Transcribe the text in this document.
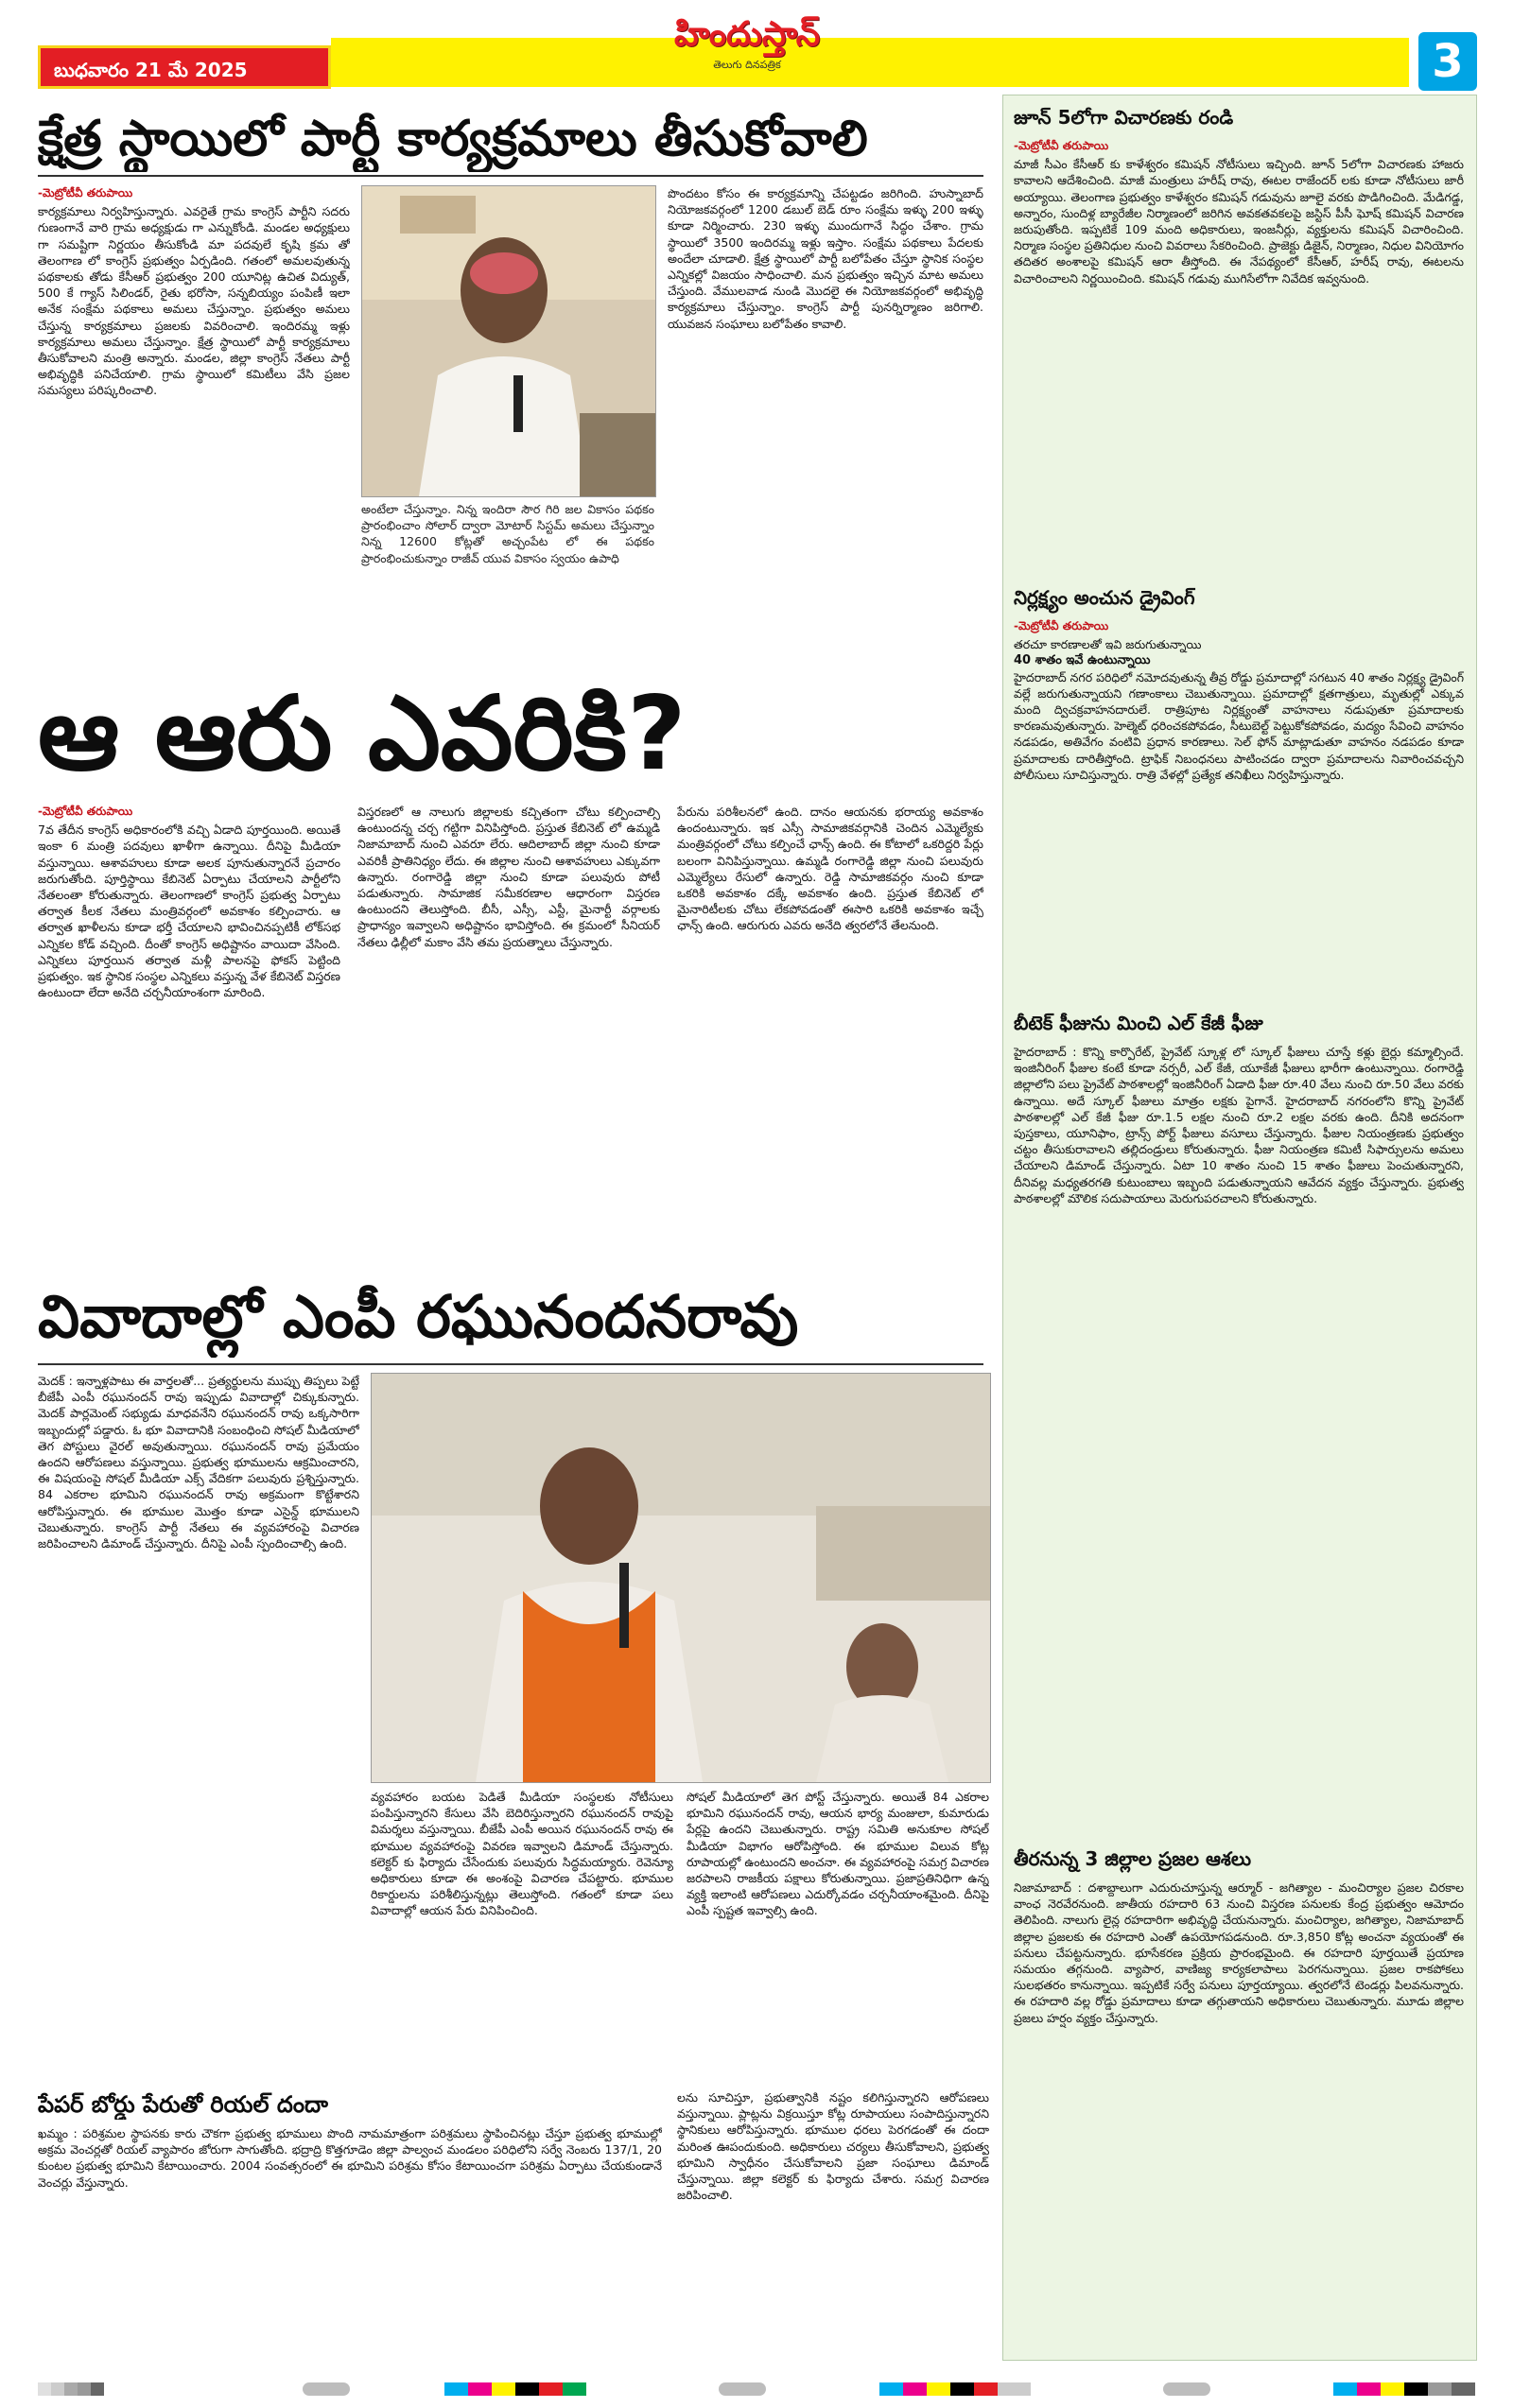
బుధవారం 21 మే 2025
హిందుస్తాన్
తెలుగు దినపత్రిక	3
క్షేత్ర స్థాయిలో పార్టీ కార్యక్రమాలు తీసుకోవాలి
-మెట్రోటీవీ తరుపాయి
కార్యక్రమాలు నిర్వహిస్తున్నారు. ఎవరైతే గ్రామ కాంగ్రెస్ పార్టీని సదరు గుణంగానే వారి గ్రామ అధ్యక్షుడు గా ఎన్నుకోండి. మండల అధ్యక్షులు గా సమష్టిగా నిర్ణయం తీసుకోండి మా పదవులే కృషి క్రమ తో తెలంగాణ లో కాంగ్రెస్ ప్రభుత్వం ఏర్పడింది. గతంలో అమలవుతున్న పథకాలకు తోడు కేసీఆర్ ప్రభుత్వం 200 యూనిట్ల ఉచిత విద్యుత్, 500 కే గ్యాస్ సిలిండర్, రైతు భరోసా, సన్నబియ్యం పంపిణీ ఇలా అనేక సంక్షేమ పథకాలు అమలు చేస్తున్నాం. ప్రభుత్వం అమలు చేస్తున్న కార్యక్రమాలు ప్రజలకు వివరించాలి. ఇందిరమ్మ ఇళ్లు కార్యక్రమాలు అమలు చేస్తున్నాం. క్షేత్ర స్థాయిలో పార్టీ కార్యక్రమాలు తీసుకోవాలని మంత్రి అన్నారు. మండల, జిల్లా కాంగ్రెస్ నేతలు పార్టీ అభివృద్ధికి పనిచేయాలి. గ్రామ స్థాయిలో కమిటీలు వేసి ప్రజల సమస్యలు పరిష్కరించాలి.
అంటేలా చేస్తున్నాం. నిన్న ఇందిరా సౌర గిరి జల వికాసం పథకం ప్రారంభించాం సోలార్ ద్వారా మోటార్ సిస్టమ్ అమలు చేస్తున్నాం నిన్న 12600 కోట్లతో అచ్చంపేట లో ఈ పథకం ప్రారంభించుకున్నాం రాజీవ్ యువ వికాసం స్వయం ఉపాధి
పొందటం కోసం ఈ కార్యక్రమాన్ని చేపట్టడం జరిగింది. హుస్నాబాద్ నియోజకవర్గంలో 1200 డబుల్ బెడ్ రూం సంక్షేమ ఇళ్ళు 200 ఇళ్ళు కూడా నిర్మించారు. 230 ఇళ్ళు ముందుగానే సిద్ధం చేశాం. గ్రామ స్థాయిలో 3500 ఇందిరమ్మ ఇళ్లు ఇస్తాం. సంక్షేమ పథకాలు పేదలకు అందేలా చూడాలి. క్షేత్ర స్థాయిలో పార్టీ బలోపేతం చేస్తూ స్థానిక సంస్థల ఎన్నికల్లో విజయం సాధించాలి. మన ప్రభుత్వం ఇచ్చిన మాట అమలు చేస్తుంది. వేములవాడ నుండి మొదలై ఈ నియోజకవర్గంలో అభివృద్ధి కార్యక్రమాలు చేస్తున్నాం. కాంగ్రెస్ పార్టీ పునర్నిర్మాణం జరిగాలి. యువజన సంఘాలు బలోపేతం కావాలి.
ఆ ఆరు ఎవరికి?
-మెట్రోటీవీ తరుపాయి
7వ తేదీన కాంగ్రెస్ అధికారంలోకి వచ్చి ఏడాది పూర్తయింది. అయితే ఇంకా 6 మంత్రి పదవులు ఖాళీగా ఉన్నాయి. దీనిపై మీడియా వస్తున్నాయి. ఆశావహులు కూడా అలక పూనుతున్నారనే ప్రచారం జరుగుతోంది. పూర్తిస్థాయి కేబినెట్ ఏర్పాటు చేయాలని పార్టీలోని నేతలంతా కోరుతున్నారు. తెలంగాణలో కాంగ్రెస్ ప్రభుత్వ ఏర్పాటు తర్వాత కీలక నేతలు మంత్రివర్గంలో అవకాశం కల్పించారు. ఆ తర్వాత ఖాళీలను కూడా భర్తీ చేయాలని భావించినప్పటికీ లోక్‌సభ ఎన్నికల కోడ్ వచ్చింది. దీంతో కాంగ్రెస్ అధిష్టానం వాయిదా వేసింది. ఎన్నికలు పూర్తయిన తర్వాత మళ్లీ పాలనపై ఫోకస్ పెట్టింది ప్రభుత్వం. ఇక స్థానిక సంస్థల ఎన్నికలు వస్తున్న వేళ కేబినెట్ విస్తరణ ఉంటుందా లేదా అనేది చర్చనీయాంశంగా మారింది.
విస్తరణలో ఆ నాలుగు జిల్లాలకు కచ్చితంగా చోటు కల్పించాల్సి ఉంటుందన్న చర్చ గట్టిగా వినిపిస్తోంది. ప్రస్తుత కేబినెట్ లో ఉమ్మడి నిజామాబాద్ నుంచి ఎవరూ లేరు. ఆదిలాబాద్ జిల్లా నుంచి కూడా ఎవరికీ ప్రాతినిధ్యం లేదు. ఈ జిల్లాల నుంచి ఆశావహులు ఎక్కువగా ఉన్నారు. రంగారెడ్డి జిల్లా నుంచి కూడా పలువురు పోటీ పడుతున్నారు. సామాజిక సమీకరణాల ఆధారంగా విస్తరణ ఉంటుందని తెలుస్తోంది. బీసీ, ఎస్సీ, ఎస్టీ, మైనార్టీ వర్గాలకు ప్రాధాన్యం ఇవ్వాలని అధిష్టానం భావిస్తోంది. ఈ క్రమంలో సీనియర్ నేతలు ఢిల్లీలో మకాం వేసి తమ ప్రయత్నాలు చేస్తున్నారు.
పేరును పరిశీలనలో ఉంది. దానం ఆయనకు భరాయ్య అవకాశం ఉందంటున్నారు. ఇక ఎస్సీ సామాజికవర్గానికి చెందిన ఎమ్మెల్యేకు మంత్రివర్గంలో చోటు కల్పించే ఛాన్స్ ఉంది. ఈ కోటాలో ఒకరిద్దరి పేర్లు బలంగా వినిపిస్తున్నాయి. ఉమ్మడి రంగారెడ్డి జిల్లా నుంచి పలువురు ఎమ్మెల్యేలు రేసులో ఉన్నారు. రెడ్డి సామాజికవర్గం నుంచి కూడా ఒకరికి అవకాశం దక్కే అవకాశం ఉంది. ప్రస్తుత కేబినెట్ లో మైనారిటీలకు చోటు లేకపోవడంతో ఈసారి ఒకరికి అవకాశం ఇచ్చే ఛాన్స్ ఉంది. ఆరుగురు ఎవరు అనేది త్వరలోనే తేలనుంది.
వివాదాల్లో ఎంపీ రఘునందనరావు
మెదక్ : ఇన్నాళ్లపాటు ఈ వార్తలతో... ప్రత్యర్థులను ముప్పు తిప్పలు పెట్టే బీజేపీ ఎంపీ రఘునందన్ రావు ఇప్పుడు వివాదాల్లో చిక్కుకున్నారు. మెదక్ పార్లమెంట్ సభ్యుడు మాధవనేని రఘునందన్ రావు ఒక్కసారిగా ఇబ్బందుల్లో పడ్డారు. ఓ భూ వివాదానికి సంబంధించి సోషల్ మీడియాలో తెగ పోస్టులు వైరల్ అవుతున్నాయి. రఘునందన్ రావు ప్రమేయం ఉందని ఆరోపణలు వస్తున్నాయి. ప్రభుత్వ భూములను ఆక్రమించారని, ఈ విషయంపై సోషల్ మీడియా ఎక్స్ వేదికగా పలువురు ప్రశ్నిస్తున్నారు. 84 ఎకరాల భూమిని రఘునందన్ రావు అక్రమంగా కొట్టేశారని ఆరోపిస్తున్నారు. ఈ భూముల మొత్తం కూడా ఎసైన్డ్ భూములని చెబుతున్నారు. కాంగ్రెస్ పార్టీ నేతలు ఈ వ్యవహారంపై విచారణ జరిపించాలని డిమాండ్ చేస్తున్నారు. దీనిపై ఎంపీ స్పందించాల్సి ఉంది.
వ్యవహారం బయట పెడితే మీడియా సంస్థలకు నోటీసులు పంపిస్తున్నారని కేసులు వేసి బెదిరిస్తున్నారని రఘునందన్ రావుపై విమర్శలు వస్తున్నాయి. బీజేపీ ఎంపీ అయిన రఘునందన్ రావు ఈ భూముల వ్యవహారంపై వివరణ ఇవ్వాలని డిమాండ్ చేస్తున్నారు. కలెక్టర్ కు ఫిర్యాదు చేసేందుకు పలువురు సిద్ధమయ్యారు. రెవెన్యూ అధికారులు కూడా ఈ అంశంపై విచారణ చేపట్టారు. భూముల రికార్డులను పరిశీలిస్తున్నట్లు తెలుస్తోంది. గతంలో కూడా పలు వివాదాల్లో ఆయన పేరు వినిపించింది.
సోషల్ మీడియాలో తెగ పోస్ట్ చేస్తున్నారు. అయితే 84 ఎకరాల భూమిని రఘునందన్ రావు, ఆయన భార్య మంజులా, కుమారుడు పేర్లపై ఉందని చెబుతున్నారు. రాష్ట్ర సమితి అనుకూల సోషల్ మీడియా విభాగం ఆరోపిస్తోంది. ఈ భూముల విలువ కోట్ల రూపాయల్లో ఉంటుందని అంచనా. ఈ వ్యవహారంపై సమగ్ర విచారణ జరపాలని రాజకీయ పక్షాలు కోరుతున్నాయి. ప్రజాప్రతినిధిగా ఉన్న వ్యక్తి ఇలాంటి ఆరోపణలు ఎదుర్కోవడం చర్చనీయాంశమైంది. దీనిపై ఎంపీ స్పష్టత ఇవ్వాల్సి ఉంది.
పేపర్ బోర్డు పేరుతో రియల్ దందా
ఖమ్మం : పరిశ్రమల స్థాపనకు కారు చౌకగా ప్రభుత్వ భూములు పొంది నామమాత్రంగా పరిశ్రమలు స్థాపించినట్లు చేస్తూ ప్రభుత్వ భూముల్లో అక్రమ వెంచర్లతో రియల్ వ్యాపారం జోరుగా సాగుతోంది. భద్రాద్రి కొత్తగూడెం జిల్లా పాల్వంచ మండలం పరిధిలోని సర్వే నెంబరు 137/1, 20 కుంటల ప్రభుత్వ భూమిని కేటాయించారు. 2004 సంవత్సరంలో ఈ భూమిని పరిశ్రమ కోసం కేటాయించగా పరిశ్రమ ఏర్పాటు చేయకుండానే వెంచర్లు వేస్తున్నారు.
లను సూచిస్తూ, ప్రభుత్వానికి నష్టం కలిగిస్తున్నారని ఆరోపణలు వస్తున్నాయి. ప్లాట్లను విక్రయిస్తూ కోట్ల రూపాయలు సంపాదిస్తున్నారని స్థానికులు ఆరోపిస్తున్నారు. భూముల ధరలు పెరగడంతో ఈ దందా మరింత ఊపందుకుంది. అధికారులు చర్యలు తీసుకోవాలని, ప్రభుత్వ భూమిని స్వాధీనం చేసుకోవాలని ప్రజా సంఘాలు డిమాండ్ చేస్తున్నాయి. జిల్లా కలెక్టర్ కు ఫిర్యాదు చేశారు. సమగ్ర విచారణ జరిపించాలి.
జూన్ 5లోగా విచారణకు రండి
-మెట్రోటీవీ తరుపాయి
మాజీ సీఎం కేసీఆర్ కు కాళేశ్వరం కమిషన్ నోటీసులు ఇచ్చింది. జూన్ 5లోగా విచారణకు హాజరు కావాలని ఆదేశించింది. మాజీ మంత్రులు హరీష్ రావు, ఈటల రాజేందర్ లకు కూడా నోటీసులు జారీ అయ్యాయి. తెలంగాణ ప్రభుత్వం కాళేశ్వరం కమిషన్ గడువును జూలై వరకు పొడిగించింది. మేడిగడ్డ, అన్నారం, సుందిళ్ల బ్యారేజీల నిర్మాణంలో జరిగిన అవకతవకలపై జస్టిస్ పీసీ ఘోష్ కమిషన్ విచారణ జరుపుతోంది. ఇప్పటికే 109 మంది అధికారులు, ఇంజనీర్లు, వ్యక్తులను కమిషన్ విచారించింది. నిర్మాణ సంస్థల ప్రతినిధుల నుంచి వివరాలు సేకరించింది. ప్రాజెక్టు డిజైన్, నిర్మాణం, నిధుల వినియోగం తదితర అంశాలపై కమిషన్ ఆరా తీస్తోంది. ఈ నేపథ్యంలో కేసీఆర్, హరీష్ రావు, ఈటలను విచారించాలని నిర్ణయించింది. కమిషన్ గడువు ముగిసేలోగా నివేదిక ఇవ్వనుంది.
నిర్లక్ష్యం అంచున డ్రైవింగ్
-మెట్రోటీవీ తరుపాయి
తరచూ కారణాలతో ఇవి జరుగుతున్నాయి
40 శాతం ఇవే ఉంటున్నాయి
హైదరాబాద్ నగర పరిధిలో నమోదవుతున్న తీవ్ర రోడ్డు ప్రమాదాల్లో సగటున 40 శాతం నిర్లక్ష్య డ్రైవింగ్ వల్లే జరుగుతున్నాయని గణాంకాలు చెబుతున్నాయి. ప్రమాదాల్లో క్షతగాత్రులు, మృతుల్లో ఎక్కువ మంది ద్విచక్రవాహనదారులే. రాత్రిపూట నిర్లక్ష్యంతో వాహనాలు నడుపుతూ ప్రమాదాలకు కారణమవుతున్నారు. హెల్మెట్ ధరించకపోవడం, సీటుబెల్ట్ పెట్టుకోకపోవడం, మద్యం సేవించి వాహనం నడపడం, అతివేగం వంటివి ప్రధాన కారణాలు. సెల్ ఫోన్ మాట్లాడుతూ వాహనం నడపడం కూడా ప్రమాదాలకు దారితీస్తోంది. ట్రాఫిక్ నిబంధనలు పాటించడం ద్వారా ప్రమాదాలను నివారించవచ్చని పోలీసులు సూచిస్తున్నారు. రాత్రి వేళల్లో ప్రత్యేక తనిఖీలు నిర్వహిస్తున్నారు.
బీటెక్ ఫీజును మించి ఎల్ కేజీ ఫీజు
హైదరాబాద్ : కొన్ని కార్పొరేట్, ప్రైవేట్ స్కూళ్ల లో స్కూల్ ఫీజులు చూస్తే కళ్లు బైర్లు కమ్మాల్సిందే. ఇంజినీరింగ్ ఫీజుల కంటే కూడా నర్సరీ, ఎల్ కేజీ, యూకేజీ ఫీజులు భారీగా ఉంటున్నాయి. రంగారెడ్డి జిల్లాలోని పలు ప్రైవేట్ పాఠశాలల్లో ఇంజినీరింగ్ ఏడాది ఫీజు రూ.40 వేలు నుంచి రూ.50 వేలు వరకు ఉన్నాయి. అదే స్కూల్ ఫీజులు మాత్రం లక్షకు పైగానే. హైదరాబాద్ నగరంలోని కొన్ని ప్రైవేట్ పాఠశాలల్లో ఎల్ కేజీ ఫీజు రూ.1.5 లక్షల నుంచి రూ.2 లక్షల వరకు ఉంది. దీనికి అదనంగా పుస్తకాలు, యూనిఫాం, ట్రాన్స్ పోర్ట్ ఫీజులు వసూలు చేస్తున్నారు. ఫీజుల నియంత్రణకు ప్రభుత్వం చట్టం తీసుకురావాలని తల్లిదండ్రులు కోరుతున్నారు. ఫీజు నియంత్రణ కమిటీ సిఫార్సులను అమలు చేయాలని డిమాండ్ చేస్తున్నారు. ఏటా 10 శాతం నుంచి 15 శాతం ఫీజులు పెంచుతున్నారని, దీనివల్ల మధ్యతరగతి కుటుంబాలు ఇబ్బంది పడుతున్నాయని ఆవేదన వ్యక్తం చేస్తున్నారు. ప్రభుత్వ పాఠశాలల్లో మౌలిక సదుపాయాలు మెరుగుపరచాలని కోరుతున్నారు.
తీరనున్న 3 జిల్లాల ప్రజల ఆశలు
నిజామాబాద్ : దశాబ్దాలుగా ఎదురుచూస్తున్న ఆర్మూర్ - జగిత్యాల - మంచిర్యాల ప్రజల చిరకాల వాంఛ నెరవేరనుంది. జాతీయ రహదారి 63 నుంచి విస్తరణ పనులకు కేంద్ర ప్రభుత్వం ఆమోదం తెలిపింది. నాలుగు లైన్ల రహదారిగా అభివృద్ధి చేయనున్నారు. మంచిర్యాల, జగిత్యాల, నిజామాబాద్ జిల్లాల ప్రజలకు ఈ రహదారి ఎంతో ఉపయోగపడనుంది. రూ.3,850 కోట్ల అంచనా వ్యయంతో ఈ పనులు చేపట్టనున్నారు. భూసేకరణ ప్రక్రియ ప్రారంభమైంది. ఈ రహదారి పూర్తయితే ప్రయాణ సమయం తగ్గనుంది. వ్యాపార, వాణిజ్య కార్యకలాపాలు పెరగనున్నాయి. ప్రజల రాకపోకలు సులభతరం కానున్నాయి. ఇప్పటికే సర్వే పనులు పూర్తయ్యాయి. త్వరలోనే టెండర్లు పిలవనున్నారు. ఈ రహదారి వల్ల రోడ్డు ప్రమాదాలు కూడా తగ్గుతాయని అధికారులు చెబుతున్నారు. మూడు జిల్లాల ప్రజలు హర్షం వ్యక్తం చేస్తున్నారు.
